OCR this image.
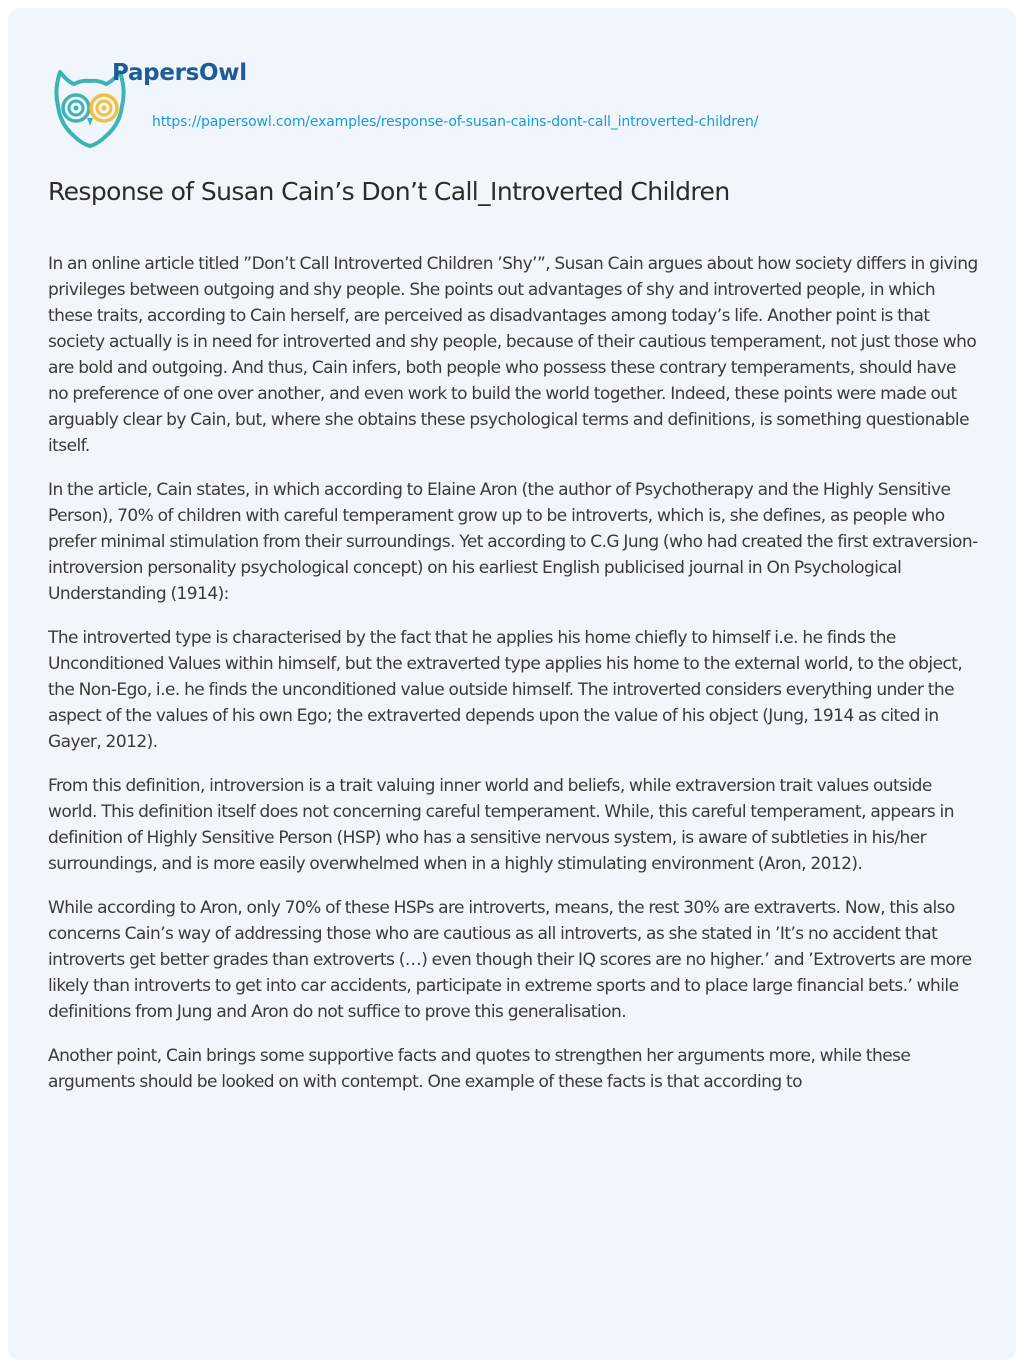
PapersOwl
https://papersowl.com/examples/response-of-susan-cains-dont-call_introverted-children/
Response of Susan Cain’s Don’t Call_Introverted Children

In an online article titled ”Don’t Call Introverted Children ’Shy’”, Susan Cain argues about how society differs in giving privileges between outgoing and shy people. She points out advantages of shy and introverted people, in which these traits, according to Cain herself, are perceived as disadvantages among today’s life. Another point is that society actually is in need for introverted and shy people, because of their cautious temperament, not just those who are bold and outgoing. And thus, Cain infers, both people who possess these contrary temperaments, should have no preference of one over another, and even work to build the world together. Indeed, these points were made out arguably clear by Cain, but, where she obtains these psychological terms and definitions, is something questionable itself.

In the article, Cain states, in which according to Elaine Aron (the author of Psychotherapy and the Highly Sensitive Person), 70% of children with careful temperament grow up to be introverts, which is, she defines, as people who prefer minimal stimulation from their surroundings. Yet according to C.G Jung (who had created the first extraversion-introversion personality psychological concept) on his earliest English publicised journal in On Psychological Understanding (1914):

The introverted type is characterised by the fact that he applies his home chiefly to himself i.e. he finds the Unconditioned Values within himself, but the extraverted type applies his home to the external world, to the object, the Non-Ego, i.e. he finds the unconditioned value outside himself. The introverted considers everything under the aspect of the values of his own Ego; the extraverted depends upon the value of his object (Jung, 1914 as cited in Gayer, 2012).

From this definition, introversion is a trait valuing inner world and beliefs, while extraversion trait values outside world. This definition itself does not concerning careful temperament. While, this careful temperament, appears in definition of Highly Sensitive Person (HSP) who has a sensitive nervous system, is aware of subtleties in his/her surroundings, and is more easily overwhelmed when in a highly stimulating environment (Aron, 2012).

While according to Aron, only 70% of these HSPs are introverts, means, the rest 30% are extraverts. Now, this also concerns Cain’s way of addressing those who are cautious as all introverts, as she stated in ’It’s no accident that introverts get better grades than extroverts (…) even though their IQ scores are no higher.’ and ’Extroverts are more likely than introverts to get into car accidents, participate in extreme sports and to place large financial bets.’ while definitions from Jung and Aron do not suffice to prove this generalisation.

Another point, Cain brings some supportive facts and quotes to strengthen her arguments more, while these arguments should be looked on with contempt. One example of these facts is that according to
